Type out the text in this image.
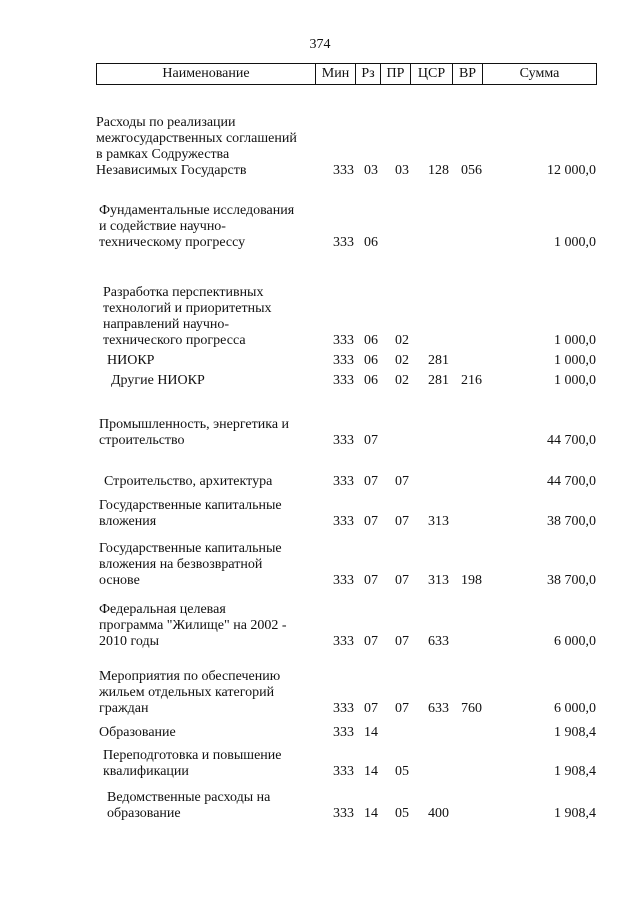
374
Наименование	Мин Рз ПР ЦСР ВР	Сумма
Расходы по реализации
межгосударственных соглашений
в рамках Содружества
Независимых Государств	333 03 03 128 056	12 000,0
Фундаментальные исследования
и содействие научно-
техническому прогрессу	333 06	1 000,0
Разработка перспективных
технологий и приоритетных
направлений научно-
технического прогресса	333 06 02	1 000,0
НИОКР	333 06 02 281	1 000,0
Другие НИОКР	333 06 02 281 216	1 000,0
Промышленность, энергетика и
строительство	333 07	44 700,0
Строительство, архитектура	333 07 07	44 700,0
Государственные капитальные
вложения	333 07 07 313	38 700,0
Государственные капитальные
вложения на безвозвратной
основе	333 07 07 313 198	38 700,0
Федеральная целевая
программа "Жилище" на 2002 -
2010 годы	333 07 07 633	6 000,0
Мероприятия по обеспечению
жильем отдельных категорий
граждан	333 07 07 633 760	6 000,0
Образование	333 14	1 908,4
Переподготовка и повышение
квалификации	333 14 05	1 908,4
Ведомственные расходы на
образование	333 14 05 400	1 908,4
